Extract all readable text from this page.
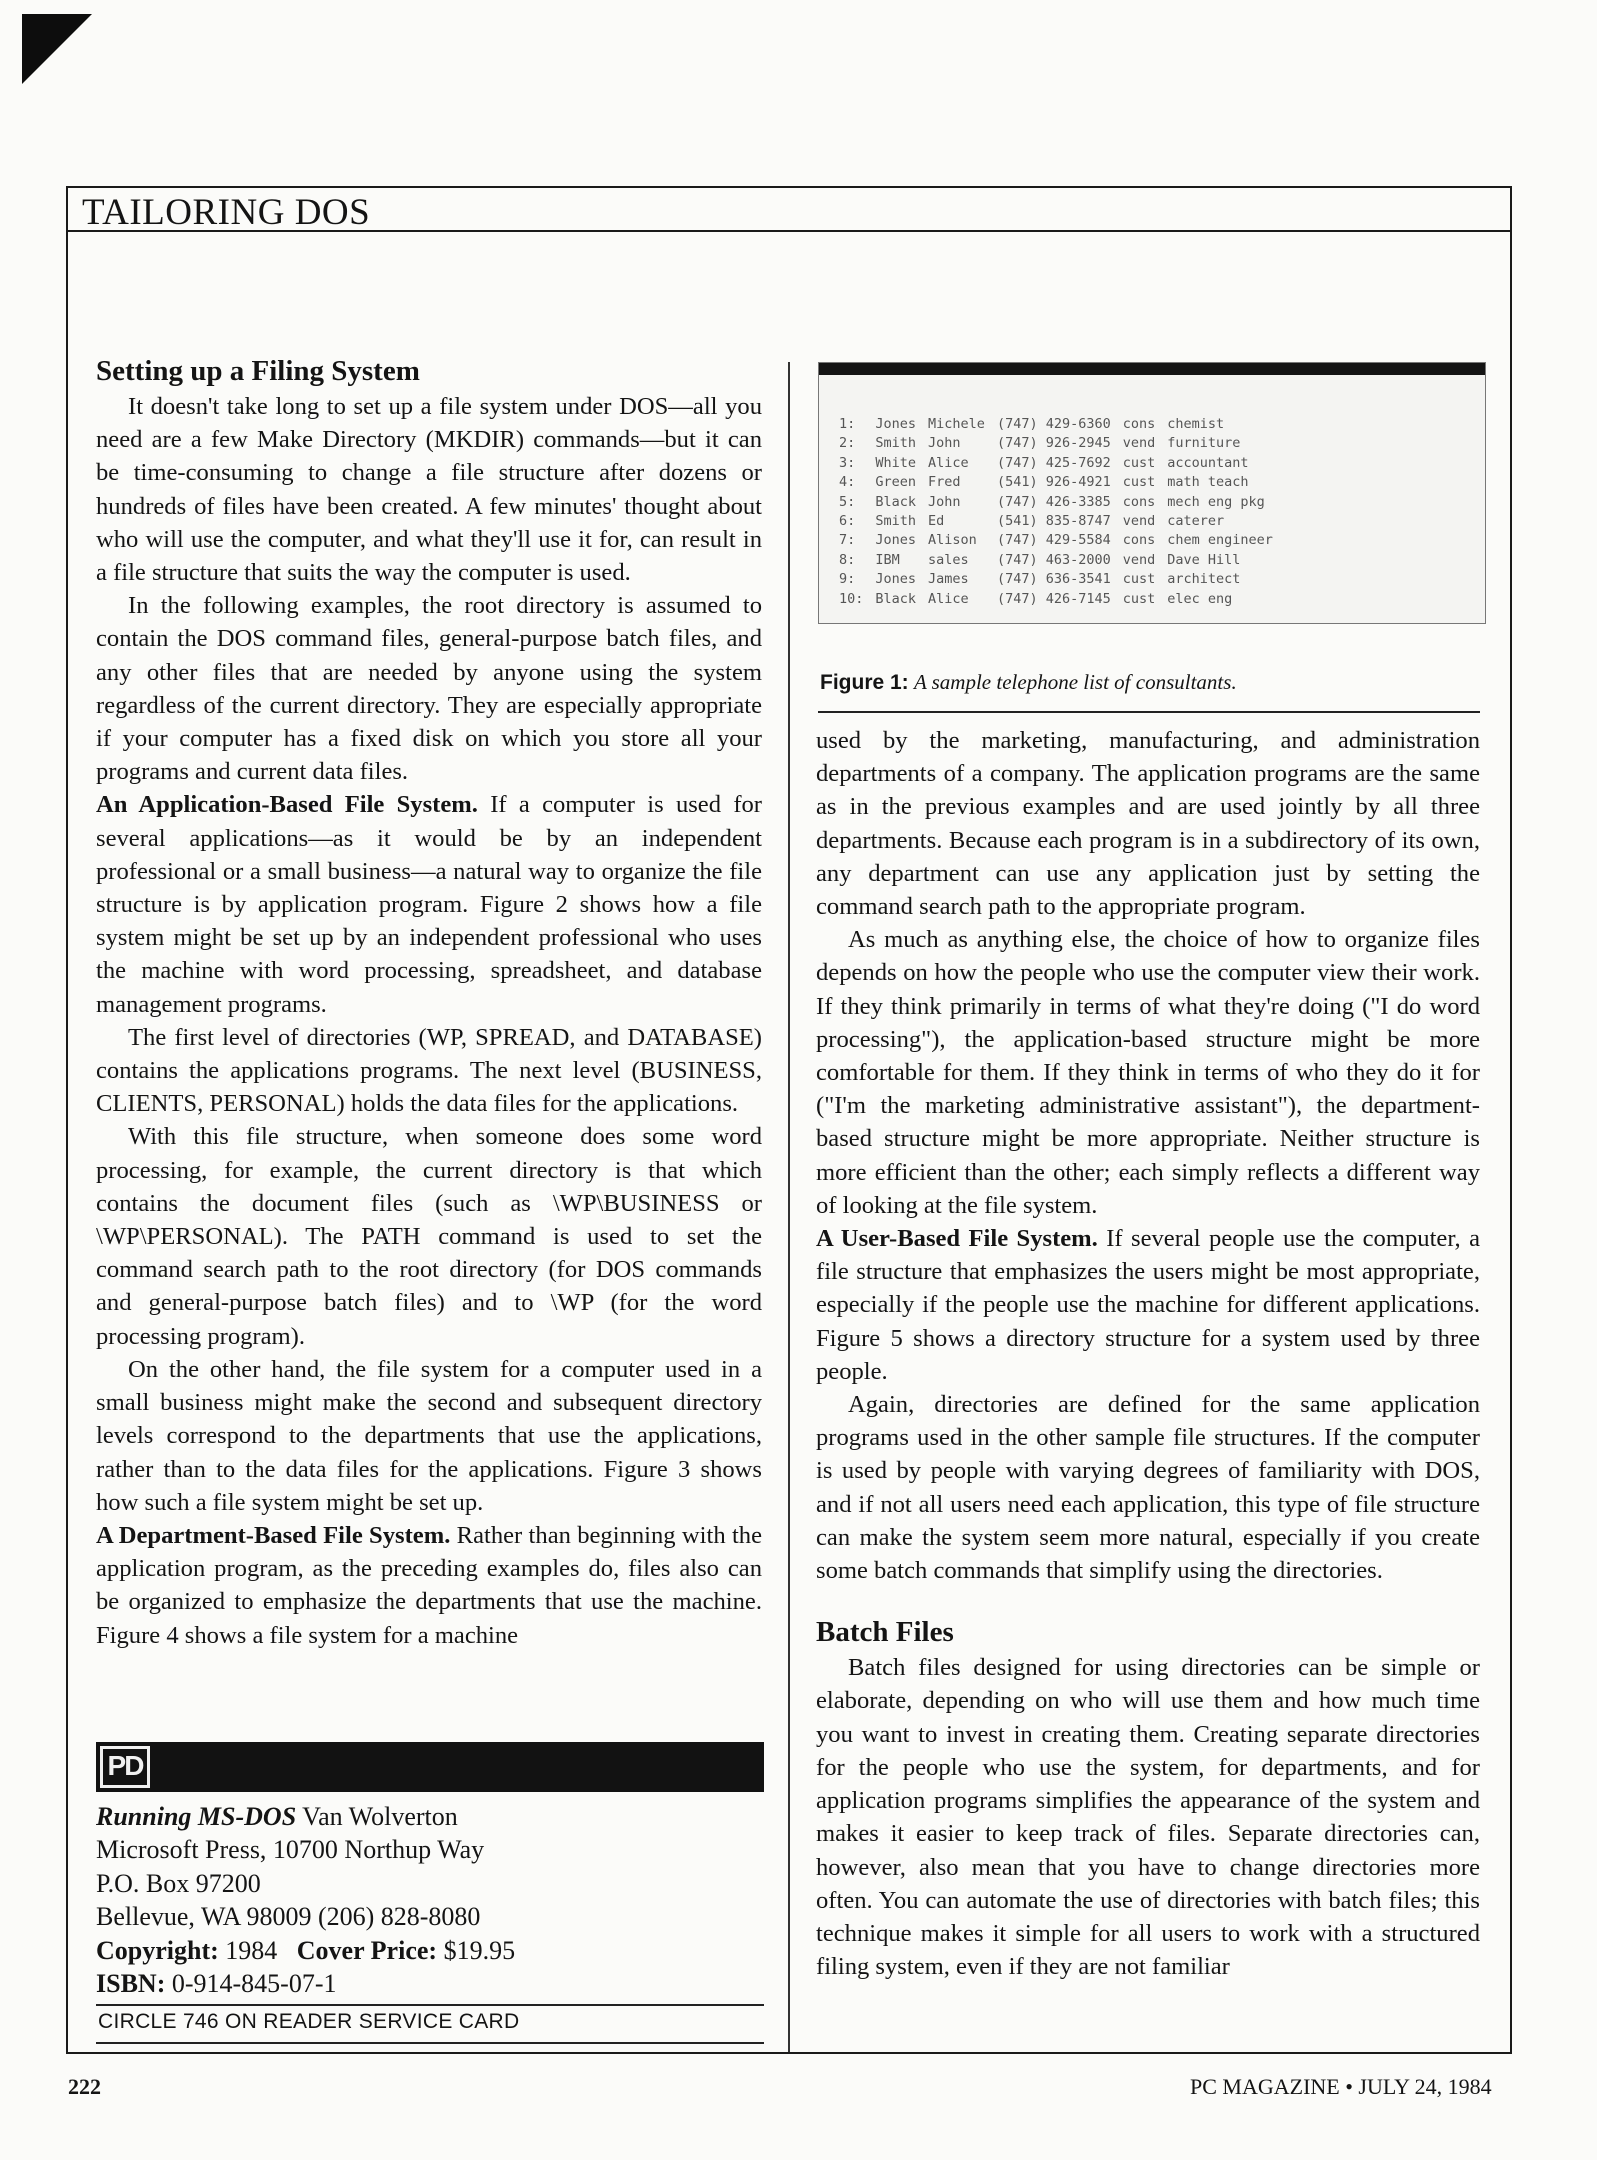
TAILORING DOS
Setting up a Filing System

It doesn't take long to set up a file system under DOS—all you need are a few Make Directory (MKDIR) commands—but it can be time-consuming to change a file structure after dozens or hundreds of files have been created. A few minutes' thought about who will use the computer, and what they'll use it for, can result in a file structure that suits the way the computer is used.

In the following examples, the root directory is assumed to contain the DOS command files, general-purpose batch files, and any other files that are needed by anyone using the system regardless of the current directory. They are especially appropriate if your computer has a fixed disk on which you store all your programs and current data files.

An Application-Based File System. If a computer is used for several applications—as it would be by an independent professional or a small business—a natural way to organize the file structure is by application program. Figure 2 shows how a file system might be set up by an independent professional who uses the machine with word processing, spreadsheet, and database management programs.

The first level of directories (WP, SPREAD, and DATABASE) contains the applications programs. The next level (BUSINESS, CLIENTS, PERSONAL) holds the data files for the applications.

With this file structure, when someone does some word processing, for example, the current directory is that which contains the document files (such as \WP\BUSINESS or \WP\PERSONAL). The PATH command is used to set the command search path to the root directory (for DOS commands and general-purpose batch files) and to \WP (for the word processing program).

On the other hand, the file system for a computer used in a small business might make the second and subsequent directory levels correspond to the departments that use the applications, rather than to the data files for the applications. Figure 3 shows how such a file system might be set up.

A Department-Based File System. Rather than beginning with the application program, as the preceding examples do, files also can be organized to emphasize the departments that use the machine. Figure 4 shows a file system for a machine

1:	Jones	Michele	(747) 429-6360	cons	chemist
2:	Smith	John	(747) 926-2945	vend	furniture
3:	White	Alice	(747) 425-7692	cust	accountant
4:	Green	Fred	(541) 926-4921	cust	math teach
5:	Black	John	(747) 426-3385	cons	mech eng pkg
6:	Smith	Ed	(541) 835-8747	vend	caterer
7:	Jones	Alison	(747) 429-5584	cons	chem engineer
8:	IBM	sales	(747) 463-2000	vend	Dave Hill
9:	Jones	James	(747) 636-3541	cust	architect
10:	Black	Alice	(747) 426-7145	cust	elec eng
Figure 1: A sample telephone list of consultants.

used by the marketing, manufacturing, and administration departments of a company. The application programs are the same as in the previous examples and are used jointly by all three departments. Because each program is in a subdirectory of its own, any department can use any application just by setting the command search path to the appropriate program.

As much as anything else, the choice of how to organize files depends on how the people who use the computer view their work. If they think primarily in terms of what they're doing ("I do word processing"), the application-based structure might be more comfortable for them. If they think in terms of who they do it for ("I'm the marketing administrative assistant"), the department-based structure might be more appropriate. Neither structure is more efficient than the other; each simply reflects a different way of looking at the file system.

A User-Based File System. If several people use the computer, a file structure that emphasizes the users might be most appropriate, especially if the people use the machine for different applications. Figure 5 shows a directory structure for a system used by three people.

Again, directories are defined for the same application programs used in the other sample file structures. If the computer is used by people with varying degrees of familiarity with DOS, and if not all users need each application, this type of file structure can make the system seem more natural, especially if you create some batch commands that simplify using the directories.

Batch Files

Batch files designed for using directories can be simple or elaborate, depending on who will use them and how much time you want to invest in creating them. Creating separate directories for the people who use the system, for departments, and for application programs simplifies the appearance of the system and makes it easier to keep track of files. Separate directories can, however, also mean that you have to change directories more often. You can automate the use of directories with batch files; this technique makes it simple for all users to work with a structured filing system, even if they are not familiar

PD
Running MS-DOS Van Wolverton
Microsoft Press, 10700 Northup Way
P.O. Box 97200
Bellevue, WA 98009 (206) 828-8080
Copyright: 1984 Cover Price: $19.95
ISBN: 0-914-845-07-1
CIRCLE 746 ON READER SERVICE CARD
222	PC MAGAZINE • JULY 24, 1984
